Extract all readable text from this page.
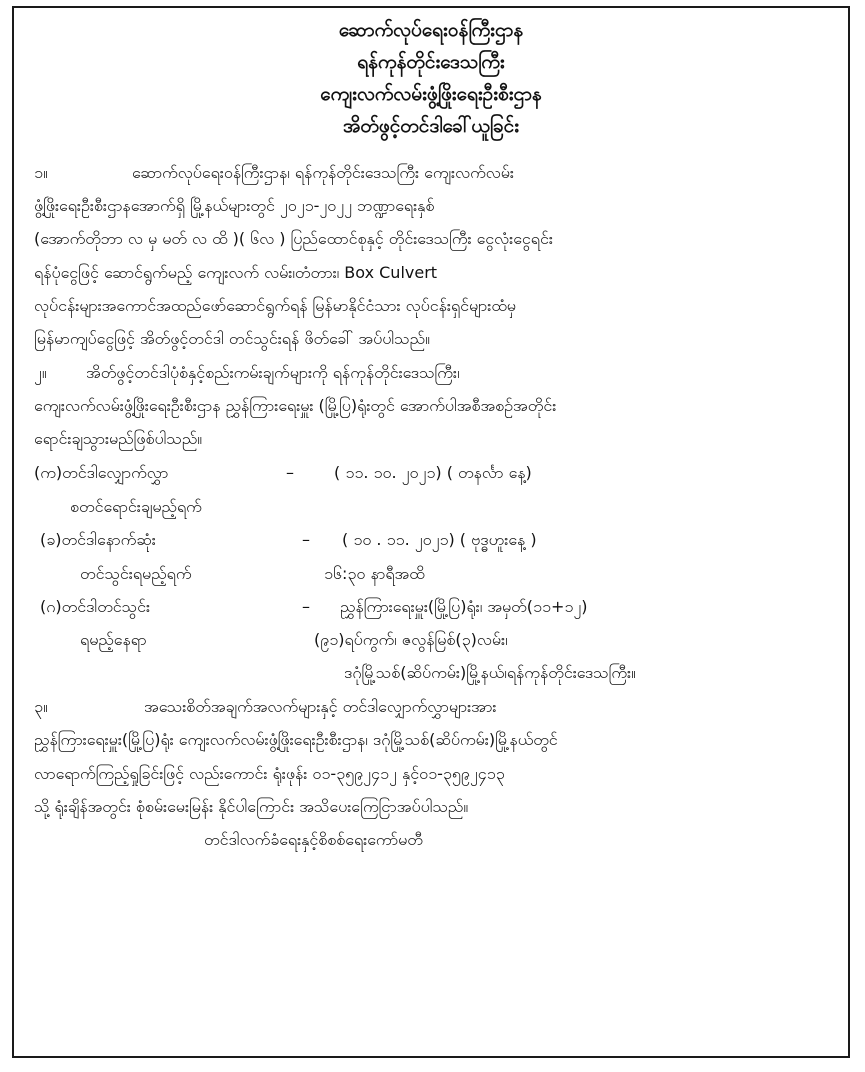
ဆောက်လုပ်ရေးဝန်ကြီးဌာန
ရန်ကုန်တိုင်းဒေသကြီး
ကျေးလက်လမ်းဖွံ့ဖြိုးရေးဦးစီးဌာန
အိတ်ဖွင့်တင်ဒါခေါ်ယူခြင်း
၁။	ဆောက်လုပ်ရေးဝန်ကြီးဌာန၊ ရန်ကုန်တိုင်းဒေသကြီး ကျေးလက်လမ်း
ဖွံ့ဖြိုးရေးဦးစီးဌာနအောက်ရှိ မြို့နယ်များတွင် ၂၀၂၁-၂၀၂၂ ဘဏ္ဍာရေးနှစ်
(အောက်တိုဘာ လ မှ မတ် လ ထိ )( ၆လ ) ပြည်ထောင်စုနှင့် တိုင်းဒေသကြီး ငွေလုံးငွေရင်း
ရန်ပုံငွေဖြင့် ဆောင်ရွက်မည့် ကျေးလက် လမ်း၊တံတား၊ Box Culvert
လုပ်ငန်းများအကောင်အထည်ဖော်ဆောင်ရွက်ရန် မြန်မာနိုင်ငံသား လုပ်ငန်းရှင်များထံမှ
မြန်မာကျပ်ငွေဖြင့် အိတ်ဖွင့်တင်ဒါ တင်သွင်းရန် ဖိတ်ခေါ် အပ်ပါသည်။
၂။ အိတ်ဖွင့်တင်ဒါပုံစံနှင့်စည်းကမ်းချက်များကို ရန်ကုန်တိုင်းဒေသကြီး၊
ကျေးလက်လမ်းဖွံ့ဖြိုးရေးဦးစီးဌာန ညွှန်ကြားရေးမှူး (မြို့ပြ)ရုံးတွင် အောက်ပါအစီအစဉ်အတိုင်း
ရောင်းချသွားမည်ဖြစ်ပါသည်။
(က)တင်ဒါလျှောက်လွှာ	–	( ၁၁. ၁၀. ၂၀၂၁) ( တနင်္လာ နေ့)
စတင်ရောင်းချမည့်ရက်
(ခ)တင်ဒါနောက်ဆုံး	– ( ၁၀ . ၁၁. ၂၀၂၁) ( ဗုဒ္ဓဟူးနေ့ )
တင်သွင်းရမည့်ရက်	၁၆:၃၀ နာရီအထိ
(ဂ)တင်ဒါတင်သွင်း	– ညွှန်ကြားရေးမှူး(မြို့ပြ)ရုံး၊ အမှတ်(၁၁+၁၂)
ရမည့်နေရာ	(၉၁)ရပ်ကွက်၊ ဇလွန်မြစ်(၃)လမ်း၊
ဒဂုံမြို့သစ်(ဆိပ်ကမ်း)မြို့နယ်၊ရန်ကုန်တိုင်းဒေသကြီး။
၃။	အသေးစိတ်အချက်အလက်များနှင့် တင်ဒါလျှောက်လွှာများအား
ညွှန်ကြားရေးမှူး(မြို့ပြ)ရုံး ကျေးလက်လမ်းဖွံ့ဖြိုးရေးဦးစီးဌာန၊ ဒဂုံမြို့သစ်(ဆိပ်ကမ်း)မြို့နယ်တွင်
လာရောက်ကြည့်ရှုခြင်းဖြင့် လည်းကောင်း ရုံးဖုန်း ၀၁-၃၅၉၂၄၁၂ နှင့်၀၁-၃၅၉၂၄၁၃
သို့ ရုံးချိန်အတွင်း စုံစမ်းမေးမြန်း နိုင်ပါကြောင်း အသိပေးကြေငြာအပ်ပါသည်။
တင်ဒါလက်ခံရေးနှင့်စိစစ်ရေးကော်မတီ
